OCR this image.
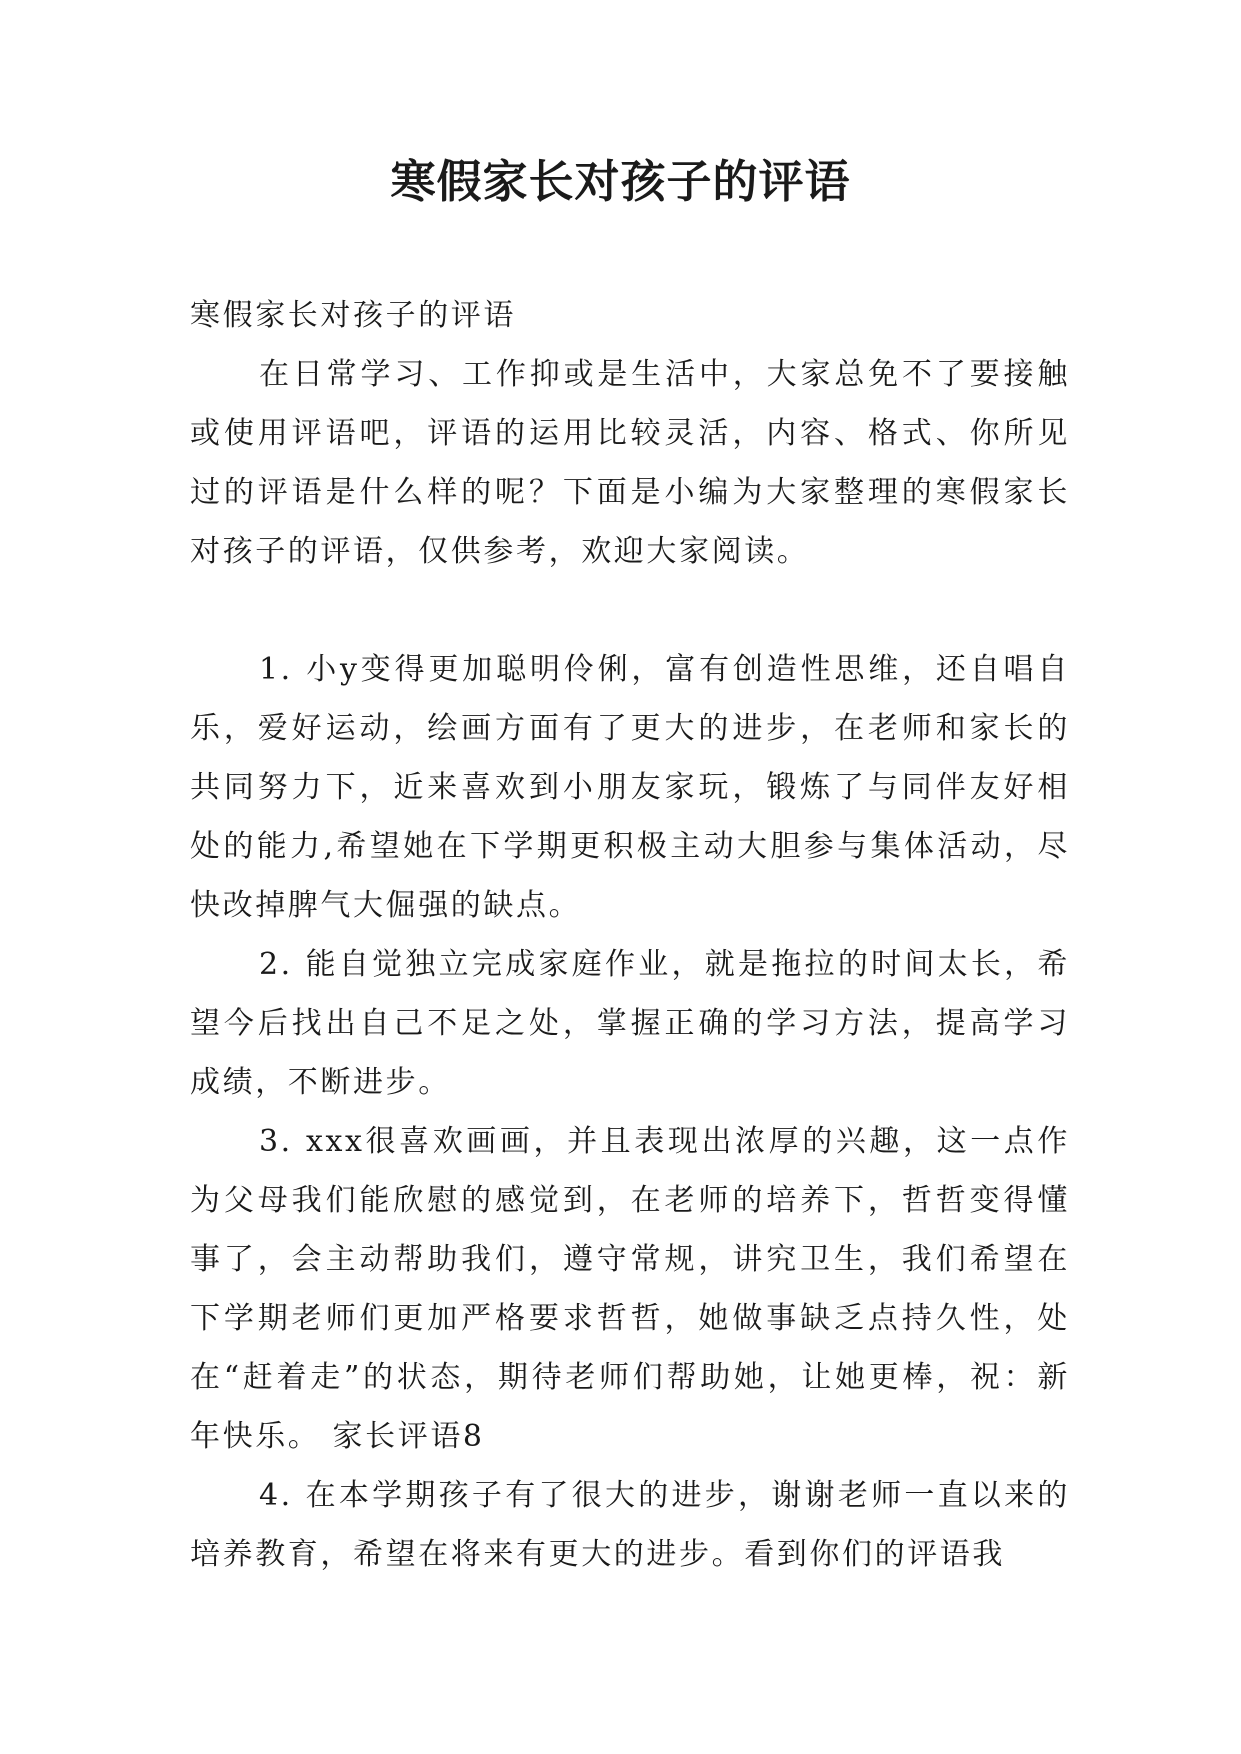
寒假家长对孩子的评语

寒假家长对孩子的评语

在日常学习、工作抑或是生活中，大家总免不了要接触或使用评语吧，评语的运用比较灵活，内容、格式、你所见过的评语是什么样的呢？下面是小编为大家整理的寒假家长对孩子的评语，仅供参考，欢迎大家阅读。

1. 小y变得更加聪明伶俐，富有创造性思维，还自唱自乐，爱好运动，绘画方面有了更大的进步，在老师和家长的共同努力下，近来喜欢到小朋友家玩，锻炼了与同伴友好相处的能力,希望她在下学期更积极主动大胆参与集体活动，尽快改掉脾气大倔强的缺点。

2. 能自觉独立完成家庭作业，就是拖拉的时间太长，希望今后找出自己不足之处，掌握正确的学习方法，提高学习成绩，不断进步。

3. xxx很喜欢画画，并且表现出浓厚的兴趣，这一点作为父母我们能欣慰的感觉到，在老师的培养下，哲哲变得懂事了，会主动帮助我们，遵守常规，讲究卫生，我们希望在下学期老师们更加严格要求哲哲，她做事缺乏点持久性，处在“赶着走”的状态，期待老师们帮助她，让她更棒，祝：新年快乐。 家长评语8

4. 在本学期孩子有了很大的进步，谢谢老师一直以来的培养教育，希望在将来有更大的进步。看到你们的评语我
